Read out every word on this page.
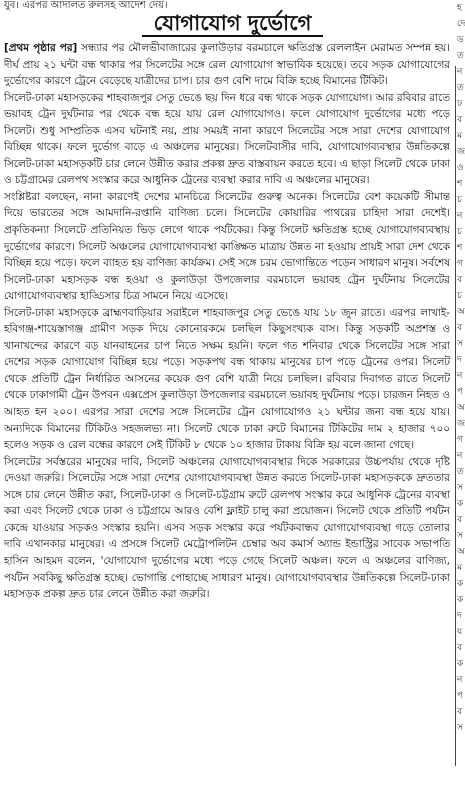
যুব। এরপর আদালত রুলসহ আদেশ দেয়।
যোগাযোগ দুর্ভোগে

[প্রথম পৃষ্ঠার পর] সন্ধ্যার পর মৌলভীবাজারের কুলাউড়ার বরমচালে ক্ষতিগ্রস্ত রেললাইন মেরামত সম্পন্ন হয়। দীর্ঘ প্রায় ২১ ঘন্টা বন্ধ থাকার পর সিলেটের সঙ্গে রেল যোগাযোগ স্বাভাবিক হয়েছে। তবে সড়ক যোগাযোগের দুর্ভোগের কারণে ট্রেনে বেড়েছে যাত্রীদের চাপ। চার গুণ বেশি দামে বিক্রি হচ্ছে বিমানের টিকিট।

সিলেট-ঢাকা মহাসড়কের শাহবাজপুর সেতু ভেঙে ছয় দিন ধরে বন্ধ থাকে সড়ক যোগাযোগ। আর রবিবার রাতে ভয়াবহ ট্রেন দুর্ঘটনার পর থেকে বন্ধ হয়ে যায় রেল যোগাযোগও। ফলে যোগাযোগ দুর্ভোগের মধ্যে পড়ে সিলেট। শুধু সাম্প্রতিক এসব ঘটনাই নয়, প্রায় সময়ই নানা কারণে সিলেটের সঙ্গে সারা দেশের যোগাযোগ বিচ্ছিন্ন থাকে। ফলে দুর্ভোগ বাড়ে এ অঞ্চলের মানুষের। সিলেটবাসীর দাবি, যোগাযোগব্যবস্থার উন্নতিকল্পে সিলেট-ঢাকা মহাসড়কটি চার লেনে উন্নীত করার প্রকল্প দ্রুত বাস্তবায়ন করতে হবে। এ ছাড়া সিলেট থেকে ঢাকা ও চট্টগ্রামের রেলপথ সংস্কার করে আধুনিক ট্রেনের ব্যবস্থা করার দাবি এ অঞ্চলের মানুষের।

সংশ্লিষ্টরা বলছেন, নানা কারণেই দেশের মানচিত্রে সিলেটের গুরুত্ব অনেক। সিলেটের বেশ কয়েকটি সীমান্ত দিয়ে ভারতের সঙ্গে আমদানি-রপ্তানি বাণিজ্য চলে। সিলেটের কোয়ারির পাথরের চাহিদা সারা দেশেই। প্রকৃতিকন্যা সিলেটে প্রতিনিয়ত ভিড় লেগে থাকে পর্যটকের। কিন্তু সিলেট ক্ষতিগ্রস্ত হচ্ছে যোগাযোগব্যবস্থায় দুর্ভোগের কারণে। সিলেট অঞ্চলের যোগাযোগব্যবস্থা কাঙ্ক্ষিত মাত্রায় উন্নত না হওয়ায় প্রায়ই সারা দেশ থেকে বিচ্ছিন্ন হয়ে পড়ে। ফলে ব্যাহত হয় বাণিজ্য কার্যক্রম। সেই সঙ্গে চরম ভোগান্তিতে পড়েন সাধারণ মানুষ। সর্বশেষ সিলেট-ঢাকা মহাসড়ক বন্ধ হওয়া ও কুলাউড়া উপজেলার বরমচালে ভয়াবহ ট্রেন দুর্ঘটনায় সিলেটের যোগাযোগব্যবস্থার হাড্ডিসার চিত্র সামনে নিয়ে এসেছে।

সিলেট-ঢাকা মহাসড়কে ব্রাহ্মণবাড়িয়ার সরাইলে শাহবাজপুর সেতু ভেঙে যায় ১৮ জুন রাতে। এরপর লাখাই-হবিগঞ্জ-শায়েস্তাগঞ্জ গ্রামীণ সড়ক দিয়ে কোনোরকমে চলছিল কিছুসংখ্যক বাস। কিন্তু সড়কটি অপ্রশস্ত ও খানাখন্দের কারণে বড় যানবাহনের চাপ নিতে সক্ষম হয়নি। ফলে গত শনিবার থেকে সিলেটের সঙ্গে সারা দেশের সড়ক যোগাযোগ বিচ্ছিন্ন হয়ে পড়ে। সড়কপথ বন্ধ থাকায় মানুষের চাপ পড়ে ট্রেনের ওপর। সিলেট থেকে প্রতিটি ট্রেন নির্ধারিত আসনের কয়েক গুণ বেশি যাত্রী নিয়ে চলছিল। রবিবার দিবাগত রাতে সিলেট থেকে ঢাকাগামী ট্রেন উপবন এক্সপ্রেস কুলাউড়া উপজেলার বরমচালে ভয়াবহ দুর্ঘটনায় পড়ে। চারজন নিহত ও আহত হন ২০০। এরপর সারা দেশের সঙ্গে সিলেটের ট্রেন যোগাযোগও ২১ ঘন্টার জন্য বন্ধ হয়ে যায়। অন্যদিকে বিমানের টিকিটও সহজলভ্য না। সিলেট থেকে ঢাকা রুটে বিমানের টিকিটের দাম ২ হাজার ৭০০ হলেও সড়ক ও রেল বন্ধের কারণে সেই টিকিট ৮ থেকে ১০ হাজার টাকায় বিক্রি হয় বলে জানা গেছে।

সিলেটের সর্বস্তরের মানুষের দাবি, সিলেট অঞ্চলের যোগাযোগব্যবস্থার দিকে সরকারের উচ্চপর্যায় থেকে দৃষ্টি দেওয়া জরুরি। সিলেটের সঙ্গে সারা দেশের যোগাযোগব্যবস্থা উন্নত করতে সিলেট-ঢাকা মহাসড়ককে দ্রুততার সঙ্গে চার লেনে উন্নীত করা, সিলেট-ঢাকা ও সিলেট-চট্টগ্রাম রুটে রেলপথ সংস্কার করে আধুনিক ট্রেনের ব্যবস্থা করা এবং সিলেট থেকে ঢাকা ও চট্টগ্রামে আরও বেশি ফ্লাইট চালু করা প্রয়োজন। সিলেট থেকে প্রতিটি পর্যটন কেন্দ্রে যাওয়ার সড়কও সংস্কার হয়নি। এসব সড়ক সংস্কার করে পর্যটকবান্ধব যোগাযোগব্যবস্থা গড়ে তোলার দাবি এখানকার মানুষের। এ প্রসঙ্গে সিলেট মেট্রোপলিটন চেম্বার অব কমার্স অ্যান্ড ইন্ডাস্ট্রির সাবেক সভাপতি হাসিন আহমদ বলেন, 'যোগাযোগ দুর্ভোগের মধ্যে পড়ে গেছে সিলেট অঞ্চল। ফলে এ অঞ্চলের বাণিজ্য, পর্যটন সবকিছু ক্ষতিগ্রস্ত হচ্ছে। ভোগান্তি পোহাচ্ছে সাধারণ মানুষ। যোগাযোগব্যবস্থার উন্নতিকল্পে সিলেট-ঢাকা মহাসড়ক প্রকল্প দ্রুত চার লেনে উন্নীত করা জরুরি।

হ
দে
ড
ত
ন
ত
ঢ
ব
ম
জ
ও
শ
চ
ন
চ
শ
গ
ব
চ
অ
ব
স
দ
ন
প
অ
জ
গ
ন
ত
স
ক
ব
স
অ
ম
ক
ক
দ
য
ব
ক
ন
প
ব
স
